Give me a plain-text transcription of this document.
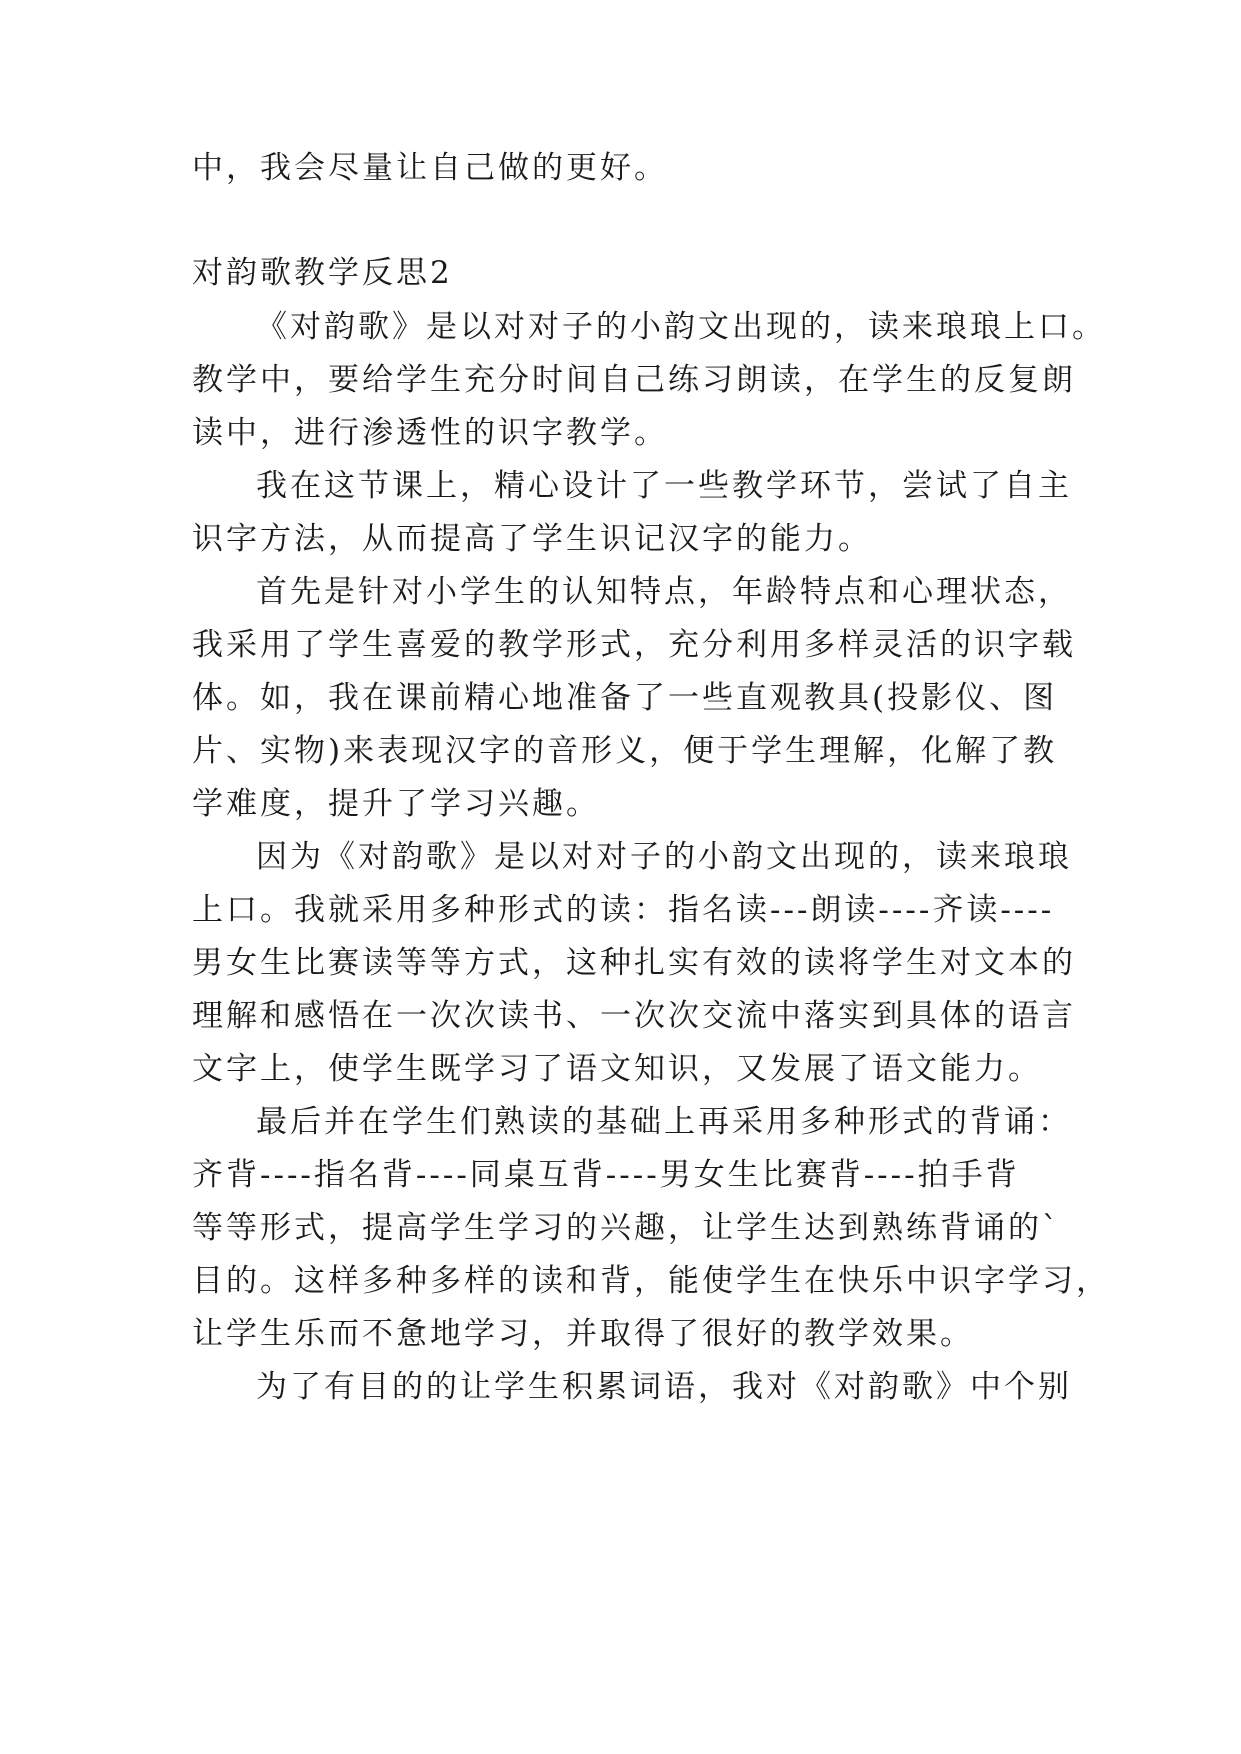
中，我会尽量让自己做的更好。
对韵歌教学反思2
《对韵歌》是以对对子的小韵文出现的，读来琅琅上口。
教学中，要给学生充分时间自己练习朗读，在学生的反复朗
读中，进行渗透性的识字教学。
我在这节课上，精心设计了一些教学环节，尝试了自主
识字方法，从而提高了学生识记汉字的能力。
首先是针对小学生的认知特点，年龄特点和心理状态，
我采用了学生喜爱的教学形式，充分利用多样灵活的识字载
体。如，我在课前精心地准备了一些直观教具(投影仪、图
片、实物)来表现汉字的音形义，便于学生理解，化解了教
学难度，提升了学习兴趣。
因为《对韵歌》是以对对子的小韵文出现的，读来琅琅
上口。我就采用多种形式的读：指名读---朗读----齐读----
男女生比赛读等等方式，这种扎实有效的读将学生对文本的
理解和感悟在一次次读书、一次次交流中落实到具体的语言
文字上，使学生既学习了语文知识，又发展了语文能力。
最后并在学生们熟读的基础上再采用多种形式的背诵：
齐背----指名背----同桌互背----男女生比赛背----拍手背
等等形式，提高学生学习的兴趣，让学生达到熟练背诵的`
目的。这样多种多样的读和背，能使学生在快乐中识字学习，
让学生乐而不惫地学习，并取得了很好的教学效果。
为了有目的的让学生积累词语，我对《对韵歌》中个别
